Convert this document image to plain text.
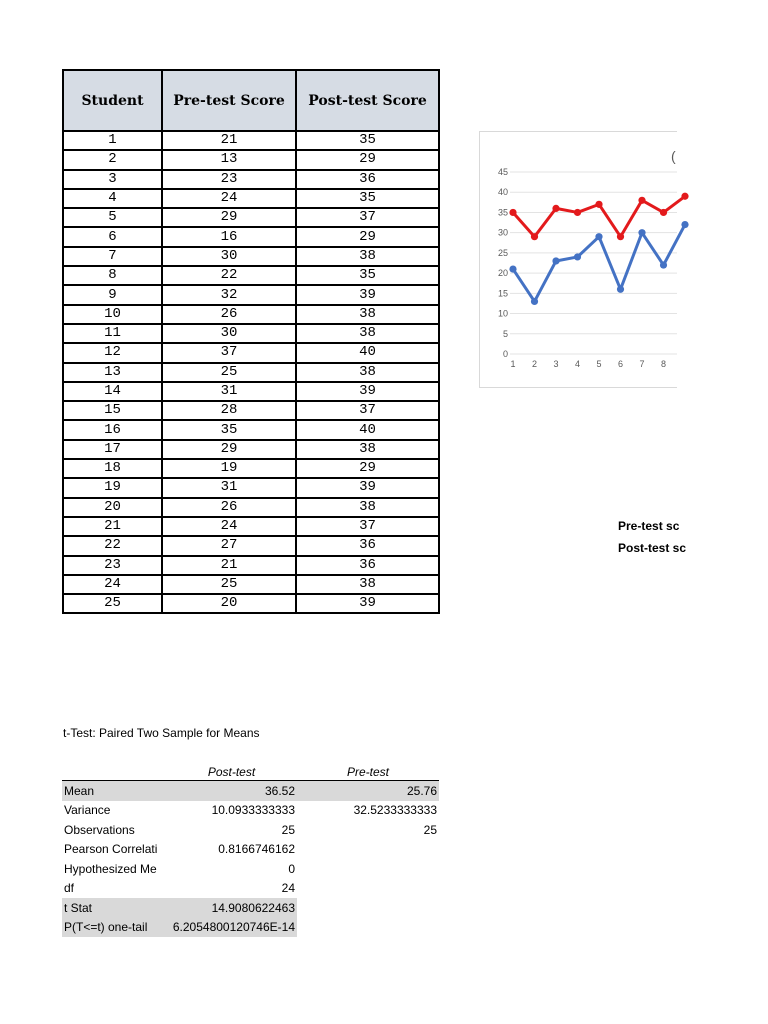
Student	Pre-test Score	Post-test Score
1	21	35
2	13	29
3	23	36
4	24	35
5	29	37
6	16	29
7	30	38
8	22	35
9	32	39
10	26	38
11	30	38
12	37	40
13	25	38
14	31	39
15	28	37
16	35	40
17	29	38
18	19	29
19	31	39
20	26	38
21	24	37
22	27	36
23	21	36
24	25	38
25	20	39
0
5
10
15
20
25
30
35
40
45
1 2 3 4 5 6 7 8
(
Pre-test sc
Post-test sc
t-Test: Paired Two Sample for Means
	Post-test	Pre-test
Mean	36.52	25.76
Variance	10.0933333333	32.5233333333
Observations	25	25
Pearson Correlati	0.8166746162	
Hypothesized Me	0	
df	24	
t Stat	14.9080622463	
P(T<=t) one-tail	6.2054800120746E-14	
